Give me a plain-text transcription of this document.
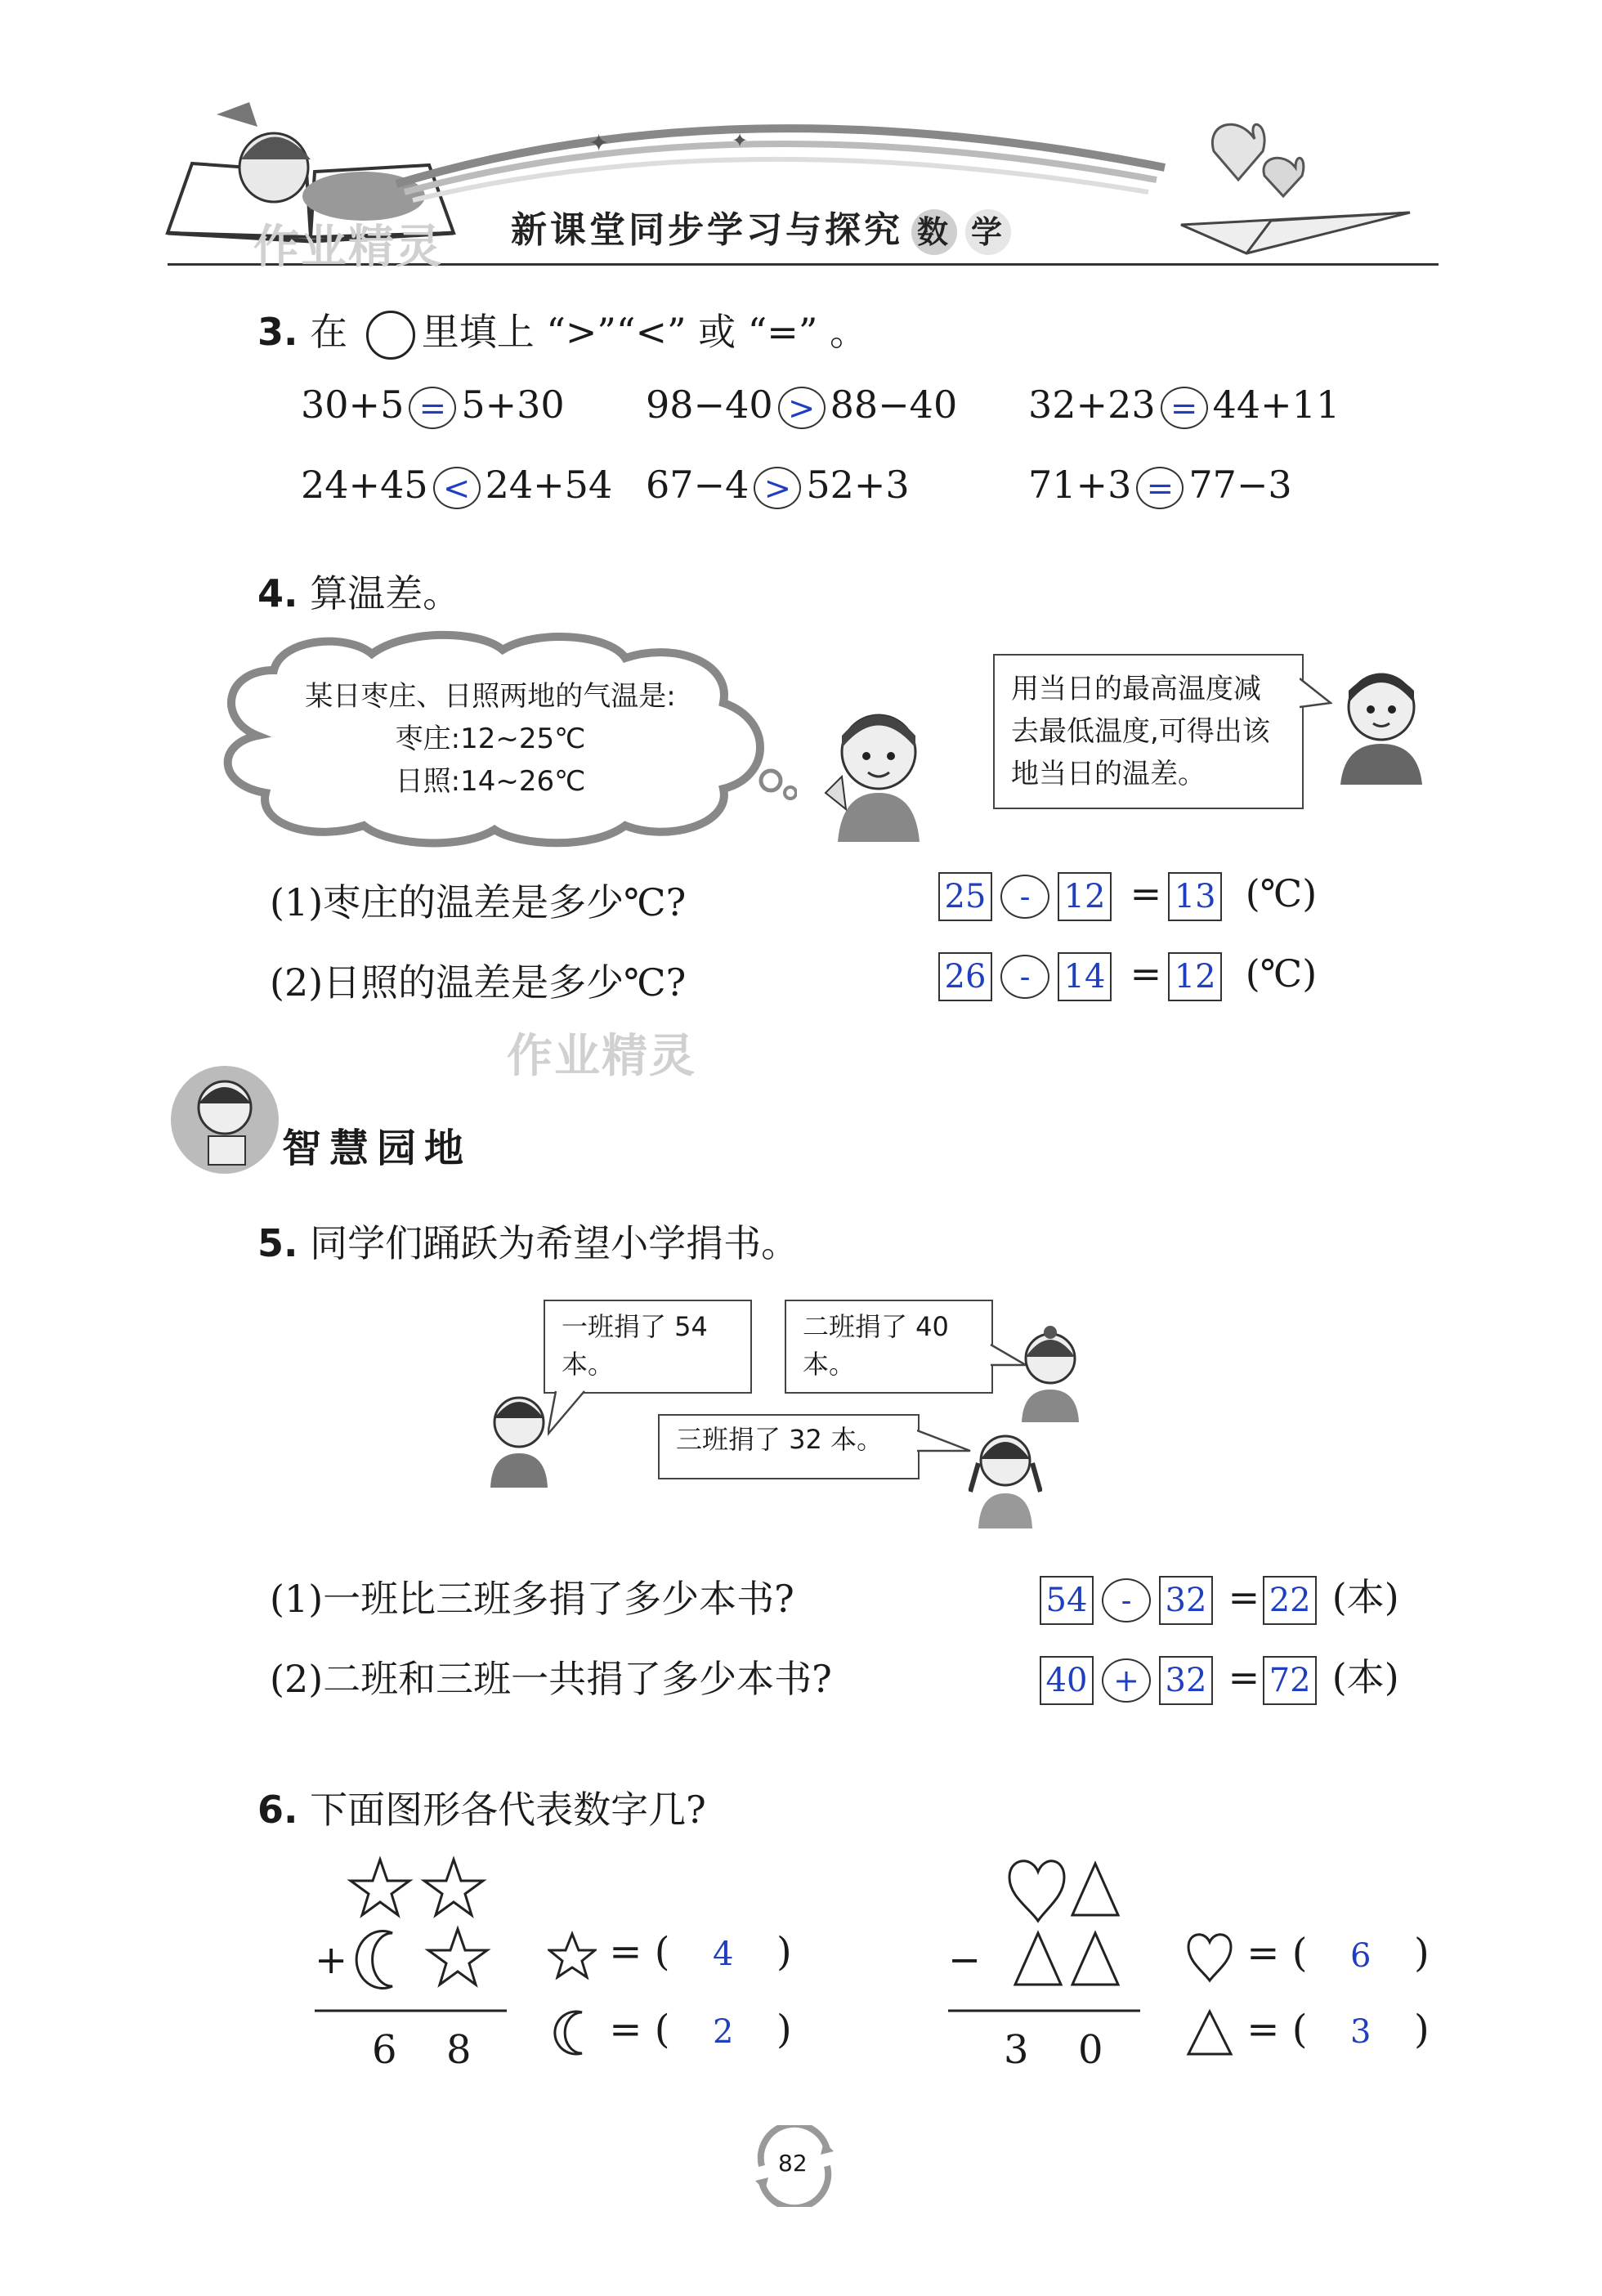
✦	✦
新课堂同步学习与探究 数 学
作业精灵
3. 在 里填上 “>”“<” 或 “=” 。
30+5 = 5+30 98−40 > 88−40 32+23 = 44+11
24+45 < 24+54 67−4 > 52+3	71+3 = 77−3
4. 算温差。
某日枣庄、日照两地的气温是:
枣庄:12~25℃
日照:14~26℃
用当日的最高温度减去最低温度,可得出该地当日的温差。
(1)枣庄的温差是多少℃?	25 - 12 = 13 (℃)
(2)日照的温差是多少℃?	26 - 14 = 12 (℃)
作业精灵
智慧园地
5. 同学们踊跃为希望小学捐书。
一班捐了 54 本。
二班捐了 40 本。
三班捐了 32 本。
(1)一班比三班多捐了多少本书?	54 - 32 = 22 (本)
(2)二班和三班一共捐了多少本书?	40 + 32 = 72 (本)
6. 下面图形各代表数字几?
+
6  8
= ( 4 )
= ( 2 )
−
3  0
= ( 6 )
= ( 3 )
82
